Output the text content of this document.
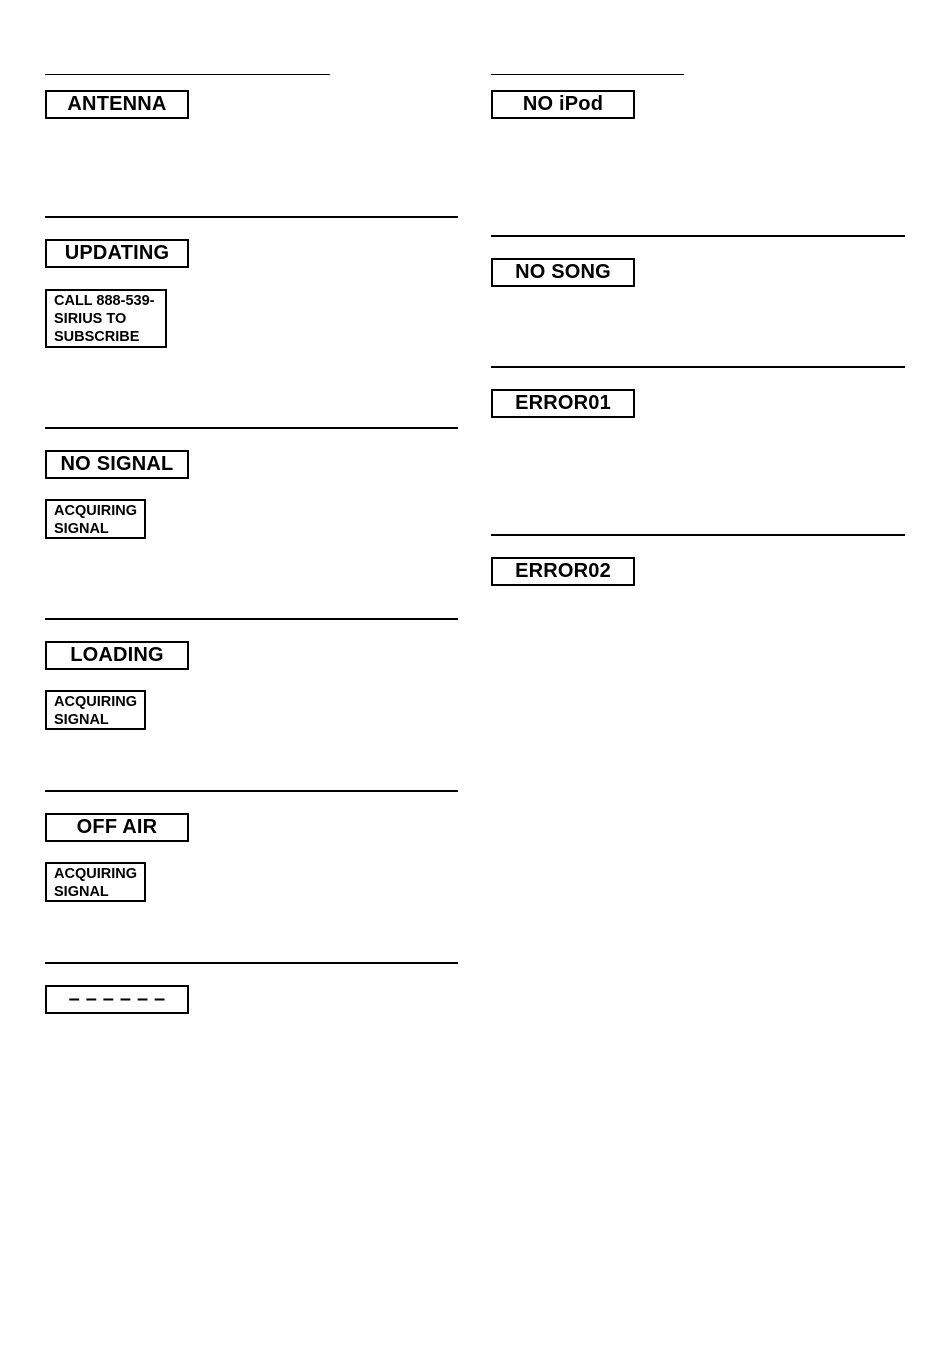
ANTENNA
UPDATING
CALL 888-539-
SIRIUS TO
SUBSCRIBE
NO SIGNAL
ACQUIRING
SIGNAL
LOADING
ACQUIRING
SIGNAL
OFF AIR
ACQUIRING
SIGNAL
– – – – – –
NO iPod
NO SONG
ERROR01
ERROR02
